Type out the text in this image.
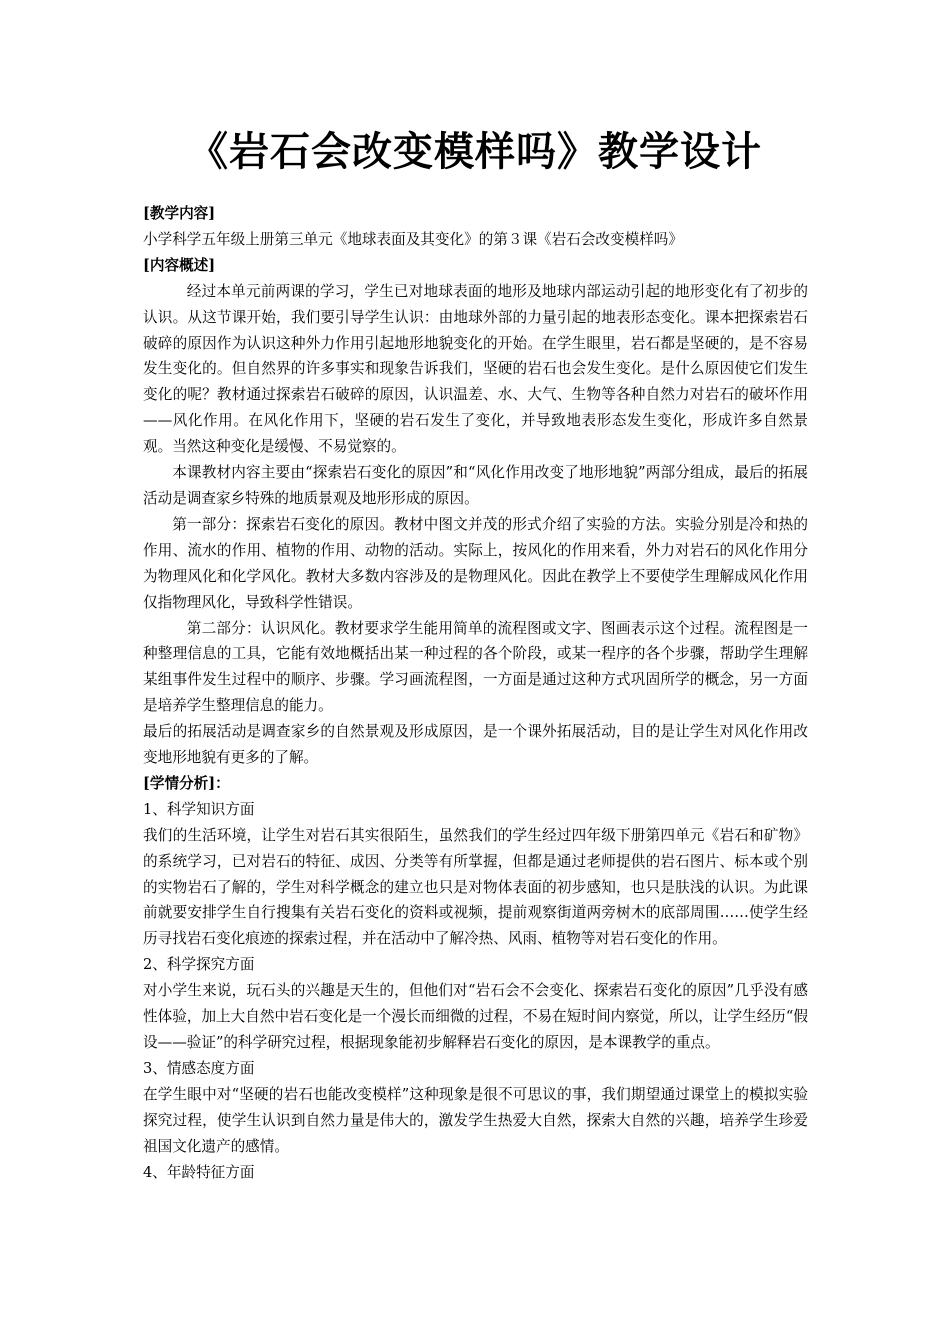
《岩石会改变模样吗》教学设计

[教学内容]

小学科学五年级上册第三单元《地球表面及其变化》的第３课《岩石会改变模样吗》

[内容概述]

经过本单元前两课的学习，学生已对地球表面的地形及地球内部运动引起的地形变化有了初步的认识。从这节课开始，我们要引导学生认识：由地球外部的力量引起的地表形态变化。课本把探索岩石破碎的原因作为认识这种外力作用引起地形地貌变化的开始。在学生眼里，岩石都是坚硬的，是不容易发生变化的。但自然界的许多事实和现象告诉我们，坚硬的岩石也会发生变化。是什么原因使它们发生变化的呢？教材通过探索岩石破碎的原因，认识温差、水、大气、生物等各种自然力对岩石的破坏作用——风化作用。在风化作用下，坚硬的岩石发生了变化，并导致地表形态发生变化，形成许多自然景观。当然这种变化是缓慢、不易觉察的。

本课教材内容主要由“探索岩石变化的原因”和“风化作用改变了地形地貌”两部分组成，最后的拓展活动是调查家乡特殊的地质景观及地形形成的原因。

第一部分：探索岩石变化的原因。教材中图文并茂的形式介绍了实验的方法。实验分别是冷和热的作用、流水的作用、植物的作用、动物的活动。实际上，按风化的作用来看，外力对岩石的风化作用分为物理风化和化学风化。教材大多数内容涉及的是物理风化。因此在教学上不要使学生理解成风化作用仅指物理风化，导致科学性错误。

第二部分：认识风化。教材要求学生能用简单的流程图或文字、图画表示这个过程。流程图是一种整理信息的工具，它能有效地概括出某一种过程的各个阶段，或某一程序的各个步骤，帮助学生理解某组事件发生过程中的顺序、步骤。学习画流程图，一方面是通过这种方式巩固所学的概念，另一方面是培养学生整理信息的能力。

最后的拓展活动是调查家乡的自然景观及形成原因，是一个课外拓展活动，目的是让学生对风化作用改变地形地貌有更多的了解。

[学情分析]：

1、科学知识方面

我们的生活环境，让学生对岩石其实很陌生，虽然我们的学生经过四年级下册第四单元《岩石和矿物》的系统学习，已对岩石的特征、成因、分类等有所掌握，但都是通过老师提供的岩石图片、标本或个别的实物岩石了解的，学生对科学概念的建立也只是对物体表面的初步感知，也只是肤浅的认识。为此课前就要安排学生自行搜集有关岩石变化的资料或视频，提前观察街道两旁树木的底部周围……使学生经历寻找岩石变化痕迹的探索过程，并在活动中了解冷热、风雨、植物等对岩石变化的作用。

2、科学探究方面

对小学生来说，玩石头的兴趣是天生的，但他们对“岩石会不会变化、探索岩石变化的原因”几乎没有感性体验，加上大自然中岩石变化是一个漫长而细微的过程，不易在短时间内察觉，所以，让学生经历“假设——验证”的科学研究过程，根据现象能初步解释岩石变化的原因，是本课教学的重点。

3、情感态度方面

在学生眼中对“坚硬的岩石也能改变模样”这种现象是很不可思议的事，我们期望通过课堂上的模拟实验探究过程，使学生认识到自然力量是伟大的，激发学生热爱大自然，探索大自然的兴趣，培养学生珍爱祖国文化遗产的感情。

4、年龄特征方面
